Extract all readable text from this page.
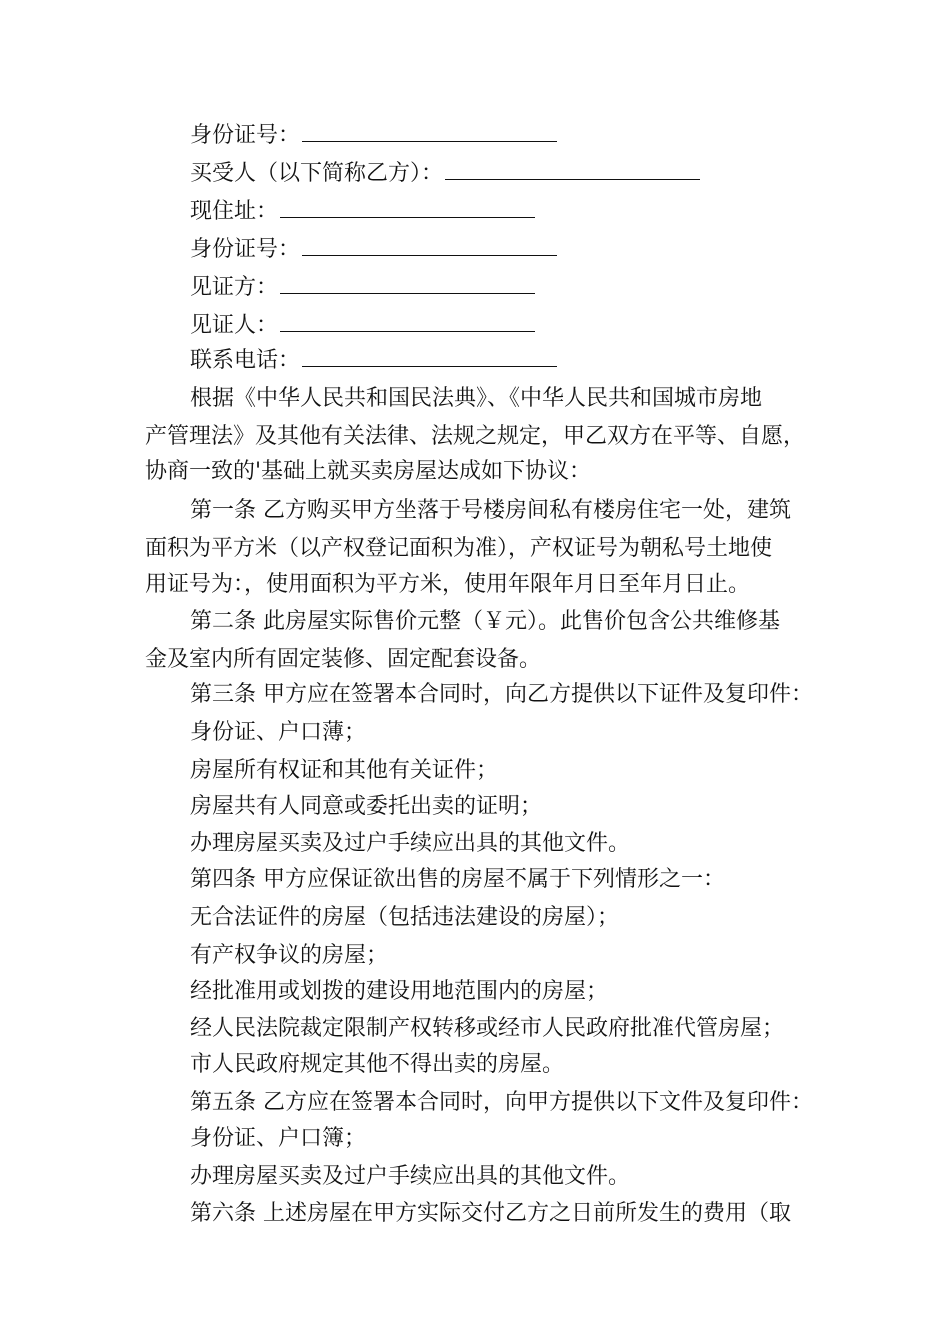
身份证号：
买受人（以下简称乙方）：
现住址：
身份证号：
见证方：
见证人：
联系电话：
根据《中华人民共和国民法典》、《中华人民共和国城市房地
产管理法》及其他有关法律、法规之规定，甲乙双方在平等、自愿，
协商一致的'基础上就买卖房屋达成如下协议：
第一条 乙方购买甲方坐落于号楼房间私有楼房住宅一处，建筑
面积为平方米（以产权登记面积为准），产权证号为朝私号土地使
用证号为：，使用面积为平方米，使用年限年月日至年月日止。
第二条 此房屋实际售价元整（￥元）。此售价包含公共维修基
金及室内所有固定装修、固定配套设备。
第三条 甲方应在签署本合同时，向乙方提供以下证件及复印件：
身份证、户口薄；
房屋所有权证和其他有关证件；
房屋共有人同意或委托出卖的证明；
办理房屋买卖及过户手续应出具的其他文件。
第四条 甲方应保证欲出售的房屋不属于下列情形之一：
无合法证件的房屋（包括违法建设的房屋）；
有产权争议的房屋；
经批准用或划拨的建设用地范围内的房屋；
经人民法院裁定限制产权转移或经市人民政府批准代管房屋；
市人民政府规定其他不得出卖的房屋。
第五条 乙方应在签署本合同时，向甲方提供以下文件及复印件：
身份证、户口簿；
办理房屋买卖及过户手续应出具的其他文件。
第六条 上述房屋在甲方实际交付乙方之日前所发生的费用（取
